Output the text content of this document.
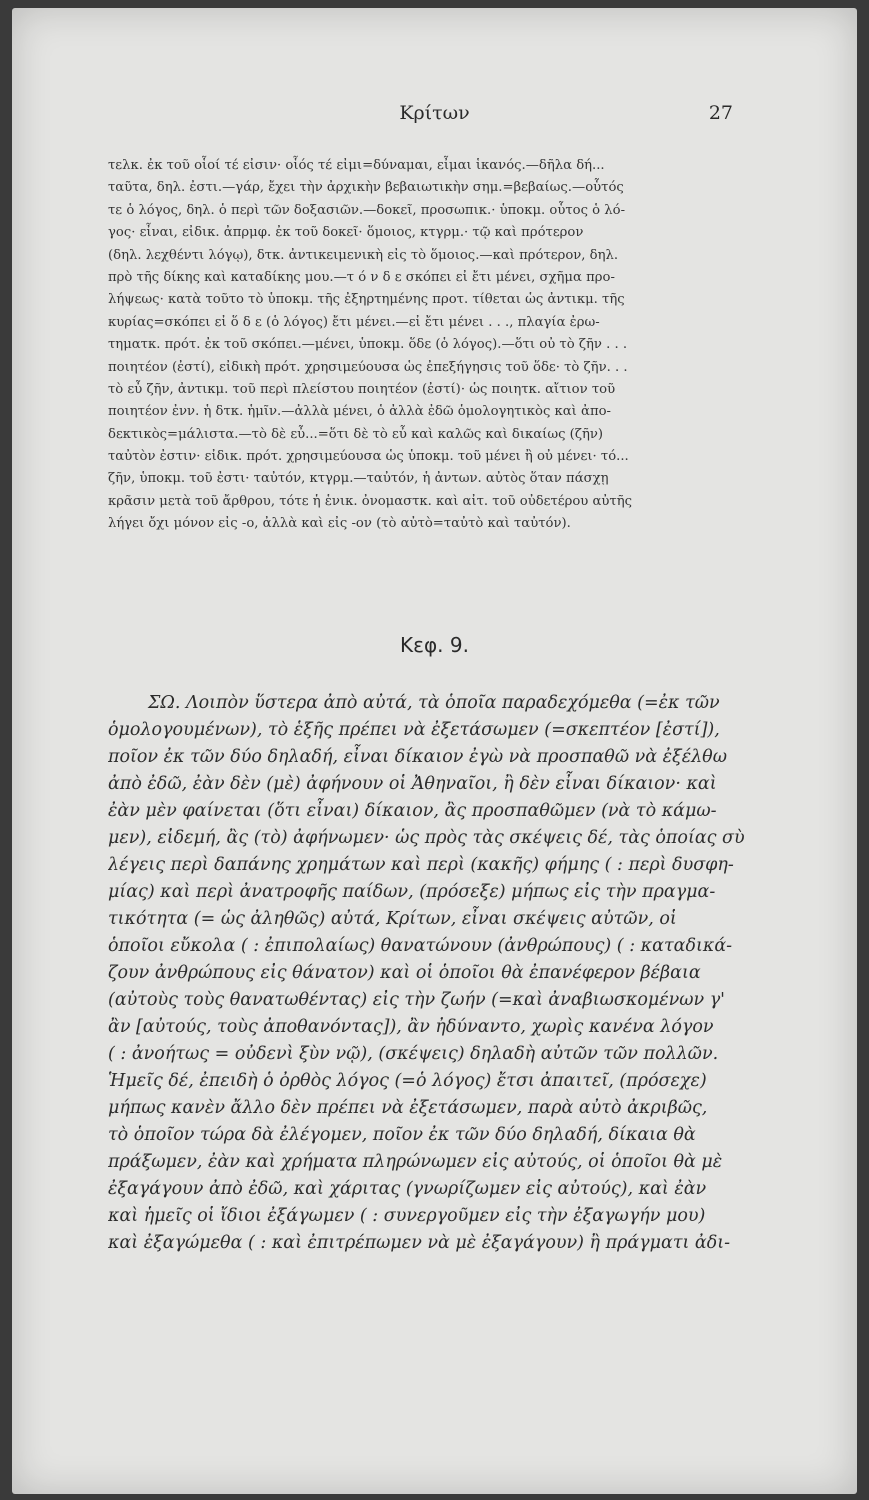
Κρίτων	27
τελκ. ἐκ τοῦ οἷοί τέ εἰσιν· οἷός τέ εἰμι=δύναμαι, εἶμαι ἱκανός.—δῆλα δή...
ταῦτα, δηλ. ἐστι.—γάρ, ἔχει τὴν ἀρχικὴν βεβαιωτικὴν σημ.=βεβαίως.—οὗτός
τε ὁ λόγος, δηλ. ὁ περὶ τῶν δοξασιῶν.—δοκεῖ, προσωπικ.· ὑποκμ. οὗτος ὁ λό-
γος· εἶναι, εἰδικ. ἀπρμφ. ἐκ τοῦ δοκεῖ· ὅμοιος, κτγρμ.· τῷ καὶ πρότερον
(δηλ. λεχθέντι λόγῳ), δτκ. ἀντικειμενικὴ εἰς τὸ ὅμοιος.—καὶ πρότερον, δηλ.
πρὸ τῆς δίκης καὶ καταδίκης μου.—τ ό ν δ ε σκόπει εἰ ἔτι μένει, σχῆμα προ-
λήψεως· κατὰ τοῦτο τὸ ὑποκμ. τῆς ἐξηρτημένης προτ. τίθεται ὡς ἀντικμ. τῆς
κυρίας=σκόπει εἰ ὅ δ ε (ὁ λόγος) ἔτι μένει.—εἰ ἔτι μένει . . ., πλαγία ἐρω-
τηματκ. πρότ. ἐκ τοῦ σκόπει.—μένει, ὑποκμ. ὅδε (ὁ λόγος).—ὅτι οὐ τὸ ζῆν . . .
ποιητέον (ἐστί), εἰδικὴ πρότ. χρησιμεύουσα ὡς ἐπεξήγησις τοῦ ὅδε· τὸ ζῆν. . .
τὸ εὖ ζῆν, ἀντικμ. τοῦ περὶ πλείστου ποιητέον (ἐστί)· ὡς ποιητκ. αἴτιον τοῦ
ποιητέον ἐνν. ἡ δτκ. ἡμῖν.—ἀλλὰ μένει, ὁ ἀλλὰ ἐδῶ ὁμολογητικὸς καὶ ἀπο-
δεκτικὸς=μάλιστα.—τὸ δὲ εὖ...=ὅτι δὲ τὸ εὖ καὶ καλῶς καὶ δικαίως (ζῆν)
ταὐτὸν ἐστιν· εἰδικ. πρότ. χρησιμεύουσα ὡς ὑποκμ. τοῦ μένει ἢ οὐ μένει· τό...
ζῆν, ὑποκμ. τοῦ ἐστι· ταὐτόν, κτγρμ.—ταὐτόν, ἡ ἀντων. αὐτὸς ὅταν πάσχῃ
κρᾶσιν μετὰ τοῦ ἄρθρου, τότε ἡ ἑνικ. ὀνομαστκ. καὶ αἰτ. τοῦ οὐδετέρου αὐτῆς
λήγει ὄχι μόνον εἰς -ο, ἀλλὰ καὶ εἰς -ον (τὸ αὐτὸ=ταὐτὸ καὶ ταὐτόν).
Κεφ. 9.
ΣΩ. Λοιπὸν ὕστερα ἀπὸ αὐτά, τὰ ὁποῖα παραδεχόμεθα (=ἐκ τῶν
ὁμολογουμένων), τὸ ἑξῆς πρέπει νὰ ἐξετάσωμεν (=σκεπτέον [ἐστί]),
ποῖον ἐκ τῶν δύο δηλαδή, εἶναι δίκαιον ἐγὼ νὰ προσπαθῶ νὰ ἐξέλθω
ἀπὸ ἐδῶ, ἐὰν δὲν (μὲ) ἀφήνουν οἱ Ἀθηναῖοι, ἢ δὲν εἶναι δίκαιον· καὶ
ἐὰν μὲν φαίνεται (ὅτι εἶναι) δίκαιον, ἂς προσπαθῶμεν (νὰ τὸ κάμω-
μεν), εἰδεμή, ἂς (τὸ) ἀφήνωμεν· ὡς πρὸς τὰς σκέψεις δέ, τὰς ὁποίας σὺ
λέγεις περὶ δαπάνης χρημάτων καὶ περὶ (κακῆς) φήμης ( : περὶ δυσφη-
μίας) καὶ περὶ ἀνατροφῆς παίδων, (πρόσεξε) μήπως εἰς τὴν πραγμα-
τικότητα (= ὡς ἀληθῶς) αὐτά, Κρίτων, εἶναι σκέψεις αὐτῶν, οἱ
ὁποῖοι εὔκολα ( : ἐπιπολαίως) θανατώνουν (ἀνθρώπους) ( : καταδικά-
ζουν ἀνθρώπους εἰς θάνατον) καὶ οἱ ὁποῖοι θὰ ἐπανέφερον βέβαια
(αὐτοὺς τοὺς θανατωθέντας) εἰς τὴν ζωήν (=καὶ ἀναβιωσκομένων γ'
ἂν [αὐτούς, τοὺς ἀποθανόντας]), ἂν ἠδύναντο, χωρὶς κανένα λόγον
( : ἀνοήτως = οὐδενὶ ξὺν νῷ), (σκέψεις) δηλαδὴ αὐτῶν τῶν πολλῶν.
Ἡμεῖς δέ, ἐπειδὴ ὁ ὀρθὸς λόγος (=ὁ λόγος) ἔτσι ἀπαιτεῖ, (πρόσεχε)
μήπως κανὲν ἄλλο δὲν πρέπει νὰ ἐξετάσωμεν, παρὰ αὐτὸ ἀκριβῶς,
τὸ ὁποῖον τώρα δὰ ἐλέγομεν, ποῖον ἐκ τῶν δύο δηλαδή, δίκαια θὰ
πράξωμεν, ἐὰν καὶ χρήματα πληρώνωμεν εἰς αὐτούς, οἱ ὁποῖοι θὰ μὲ
ἐξαγάγουν ἀπὸ ἐδῶ, καὶ χάριτας (γνωρίζωμεν εἰς αὐτούς), καὶ ἐὰν
καὶ ἡμεῖς οἱ ἴδιοι ἐξάγωμεν ( : συνεργοῦμεν εἰς τὴν ἐξαγωγήν μου)
καὶ ἐξαγώμεθα ( : καὶ ἐπιτρέπωμεν νὰ μὲ ἐξαγάγουν) ἢ πράγματι ἀδι-
